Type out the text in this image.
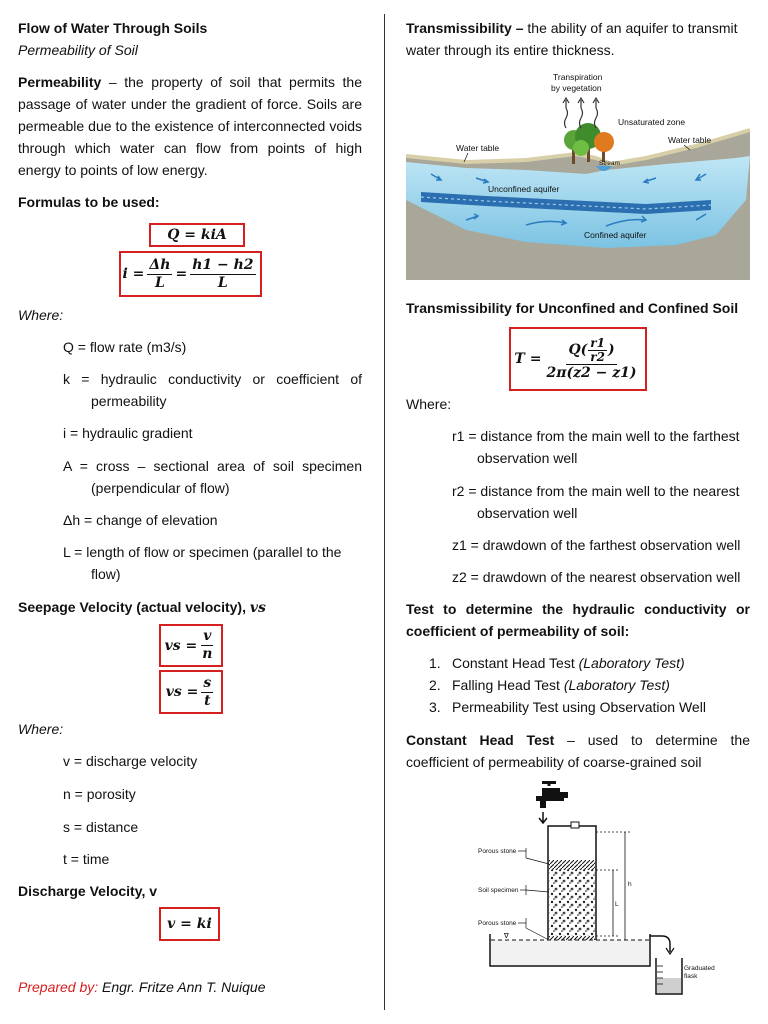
Flow of Water Through Soils
Permeability of Soil
Permeability – the property of soil that permits the passage of water under the gradient of force. Soils are permeable due to the existence of interconnected voids through which water can flow from points of high energy to points of low energy.
Formulas to be used:
Q = kiA
$i = \frac{\Delta h}{L} = \frac{h1 - h2}{L}$
Where:
Q = flow rate (m3/s)
k = hydraulic conductivity or coefficient of permeability
i = hydraulic gradient
A = cross – sectional area of soil specimen (perpendicular of flow)
Δh = change of elevation
L = length of flow or specimen (parallel to the flow)
Seepage Velocity (actual velocity), vs
vs = $\frac{v}{n}$
vs = $\frac{s}{t}$
Where:
v = discharge velocity
n = porosity
s = distance
t = time
Discharge Velocity, v
v = ki
Prepared by: Engr. Fritze Ann T. Nuique
Transmissibility – the ability of an aquifer to transmit water through its entire thickness.
Transpiration
by vegetation
Unsaturated zone
Water table
Water table
Stream
Unconfined aquifer
Confined aquifer
Transmissibility for Unconfined and Confined Soil
$T = \frac{Q( \frac{r1}{r2} )}{2\pi(z2 - z1)}$
Where:
r1 = distance from the main well to the farthest observation well
r2 = distance from the main well to the nearest observation well
z1 = drawdown of the farthest observation well
z2 = drawdown of the nearest observation well
Test to determine the hydraulic conductivity or coefficient of permeability of soil:
1. Constant Head Test (Laboratory Test)
2. Falling Head Test (Laboratory Test)
3. Permeability Test using Observation Well
Constant Head Test – used to determine the coefficient of permeability of coarse-grained soil
∇
h
L
Porous stone
Soil specimen
Porous stone
Graduated
flask
